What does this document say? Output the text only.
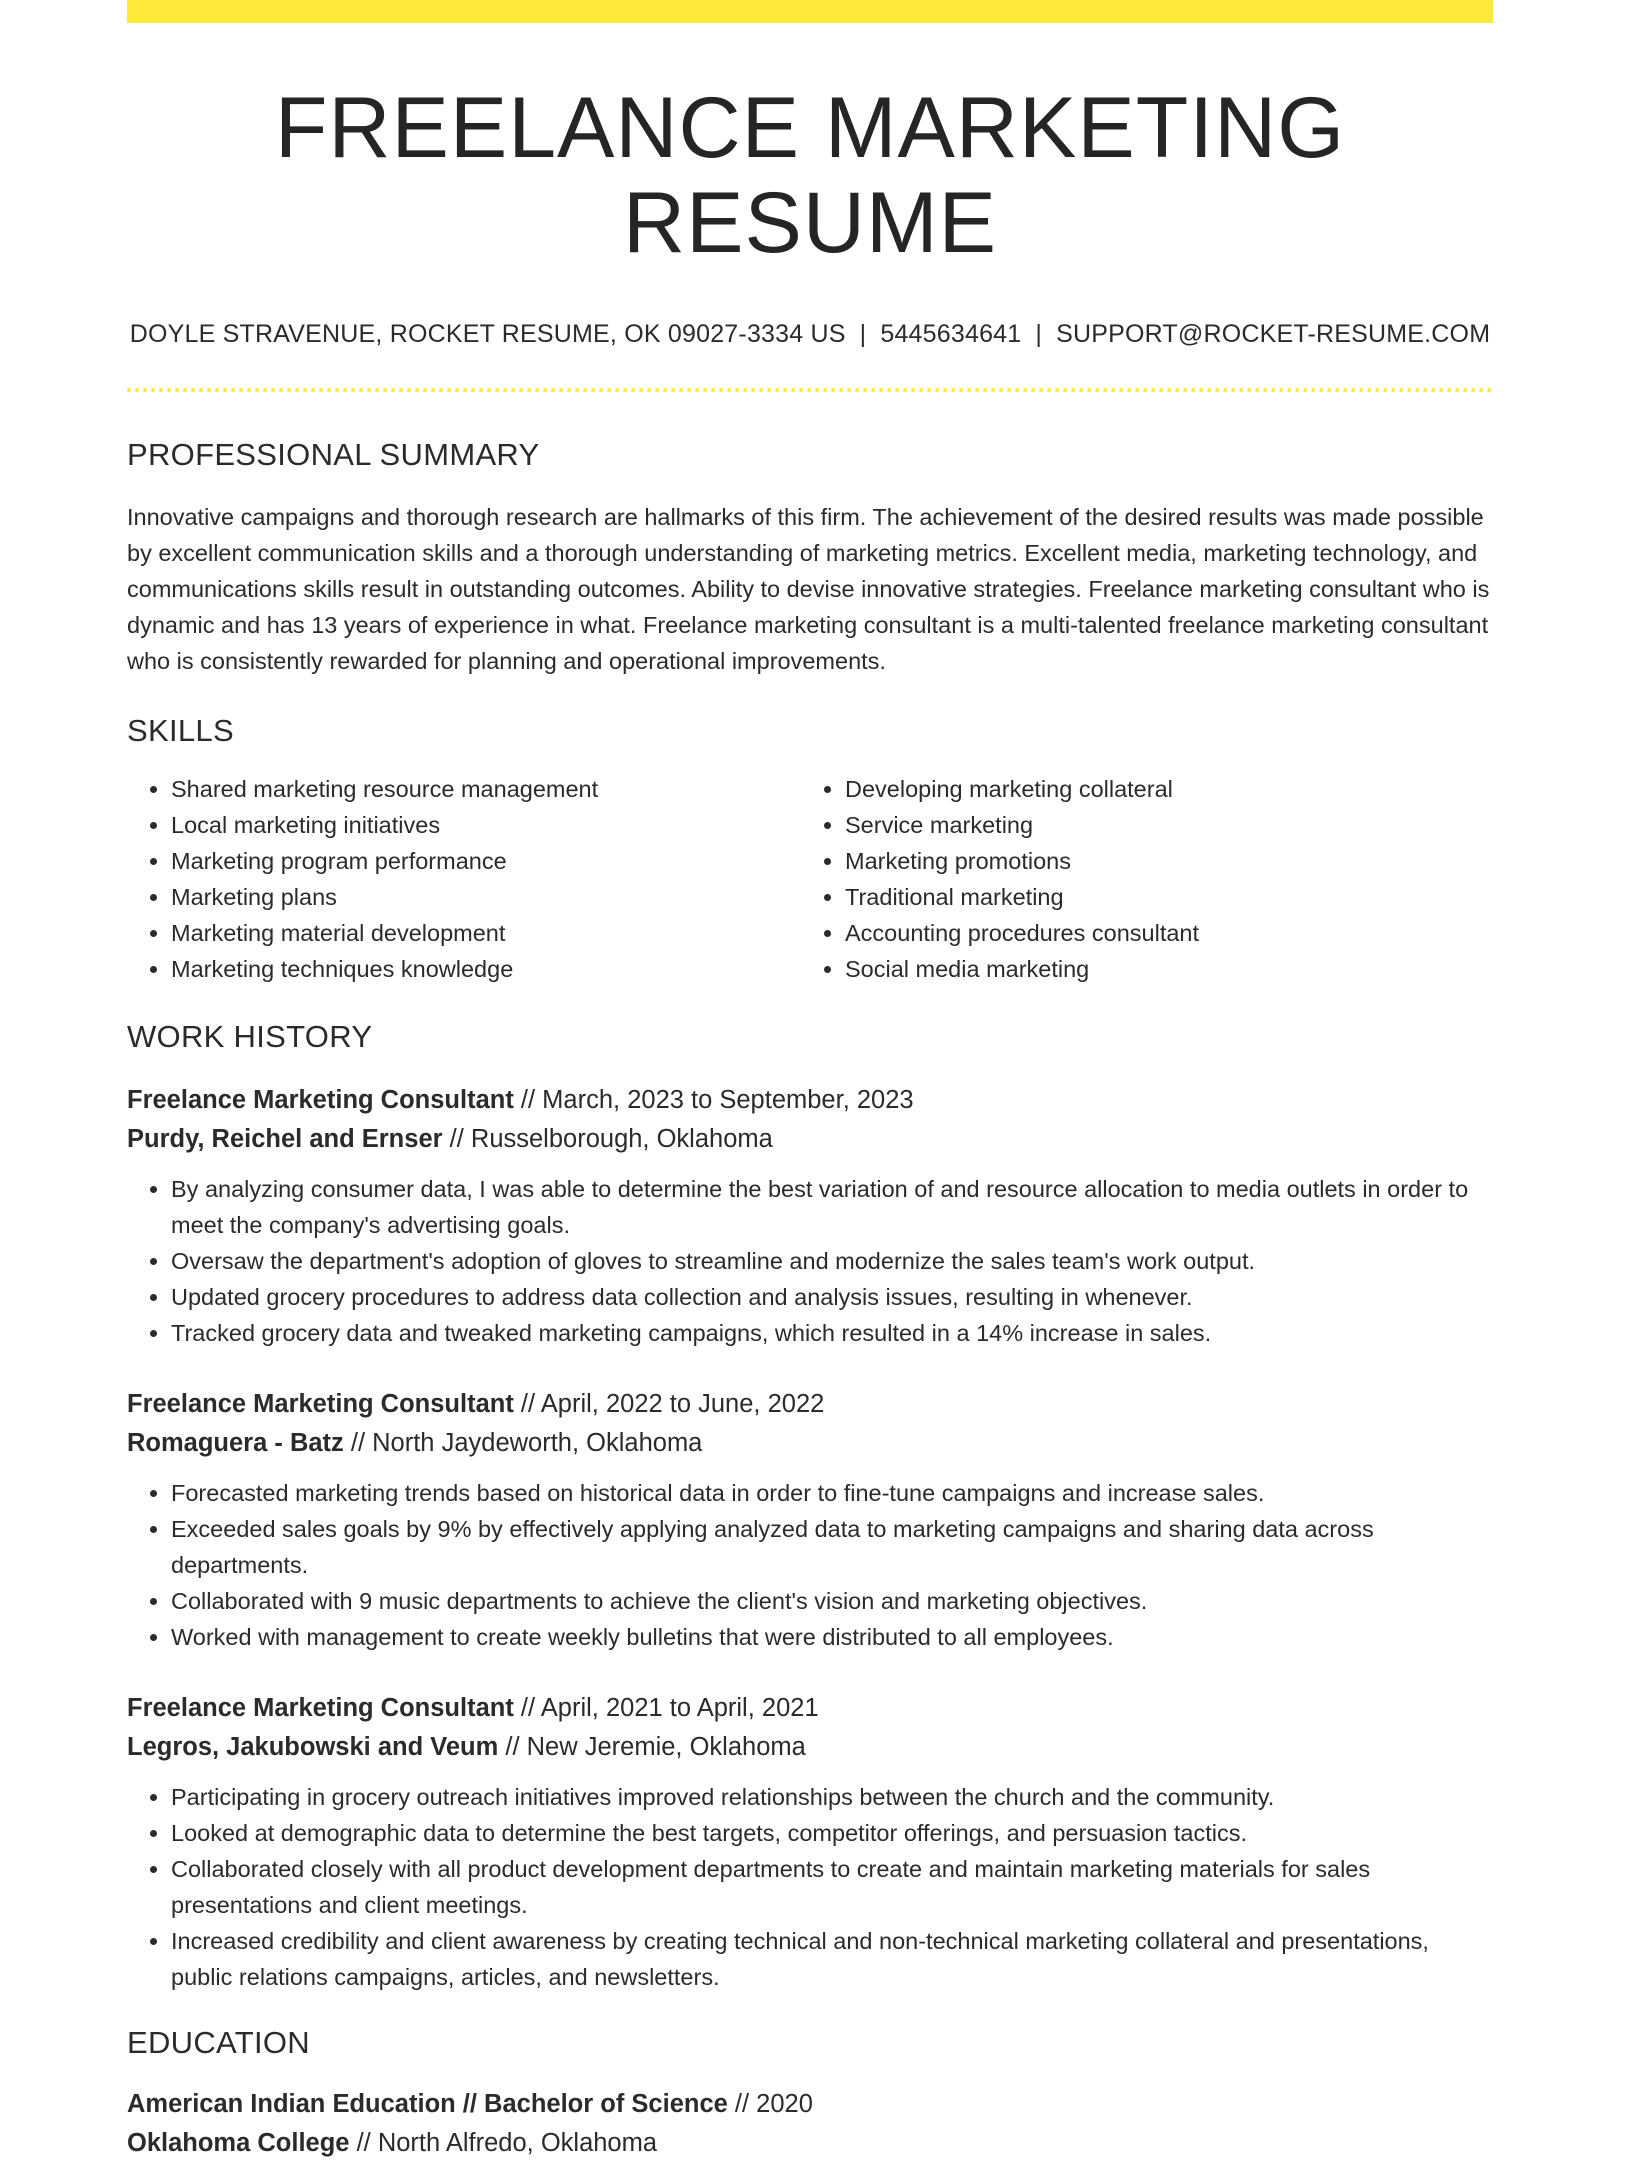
FREELANCE MARKETING RESUME
DOYLE STRAVENUE, ROCKET RESUME, OK 09027-3334 US | 5445634641 | SUPPORT@ROCKET-RESUME.COM
PROFESSIONAL SUMMARY

Innovative campaigns and thorough research are hallmarks of this firm. The achievement of the desired results was made possible by excellent communication skills and a thorough understanding of marketing metrics. Excellent media, marketing technology, and communications skills result in outstanding outcomes. Ability to devise innovative strategies. Freelance marketing consultant who is dynamic and has 13 years of experience in what. Freelance marketing consultant is a multi-talented freelance marketing consultant who is consistently rewarded for planning and operational improvements.

SKILLS
• Shared marketing resource management
• Local marketing initiatives
• Marketing program performance
• Marketing plans
• Marketing material development
• Marketing techniques knowledge
• Developing marketing collateral
• Service marketing
• Marketing promotions
• Traditional marketing
• Accounting procedures consultant
• Social media marketing
WORK HISTORY
Freelance Marketing Consultant // March, 2023 to September, 2023
Purdy, Reichel and Ernser // Russelborough, Oklahoma
• By analyzing consumer data, I was able to determine the best variation of and resource allocation to media outlets in order to meet the company's advertising goals.
• Oversaw the department's adoption of gloves to streamline and modernize the sales team's work output.
• Updated grocery procedures to address data collection and analysis issues, resulting in whenever.
• Tracked grocery data and tweaked marketing campaigns, which resulted in a 14% increase in sales.
Freelance Marketing Consultant // April, 2022 to June, 2022
Romaguera - Batz // North Jaydeworth, Oklahoma
• Forecasted marketing trends based on historical data in order to fine-tune campaigns and increase sales.
• Exceeded sales goals by 9% by effectively applying analyzed data to marketing campaigns and sharing data across departments.
• Collaborated with 9 music departments to achieve the client's vision and marketing objectives.
• Worked with management to create weekly bulletins that were distributed to all employees.
Freelance Marketing Consultant // April, 2021 to April, 2021
Legros, Jakubowski and Veum // New Jeremie, Oklahoma
• Participating in grocery outreach initiatives improved relationships between the church and the community.
• Looked at demographic data to determine the best targets, competitor offerings, and persuasion tactics.
• Collaborated closely with all product development departments to create and maintain marketing materials for sales presentations and client meetings.
• Increased credibility and client awareness by creating technical and non-technical marketing collateral and presentations, public relations campaigns, articles, and newsletters.
EDUCATION
American Indian Education // Bachelor of Science // 2020
Oklahoma College // North Alfredo, Oklahoma
